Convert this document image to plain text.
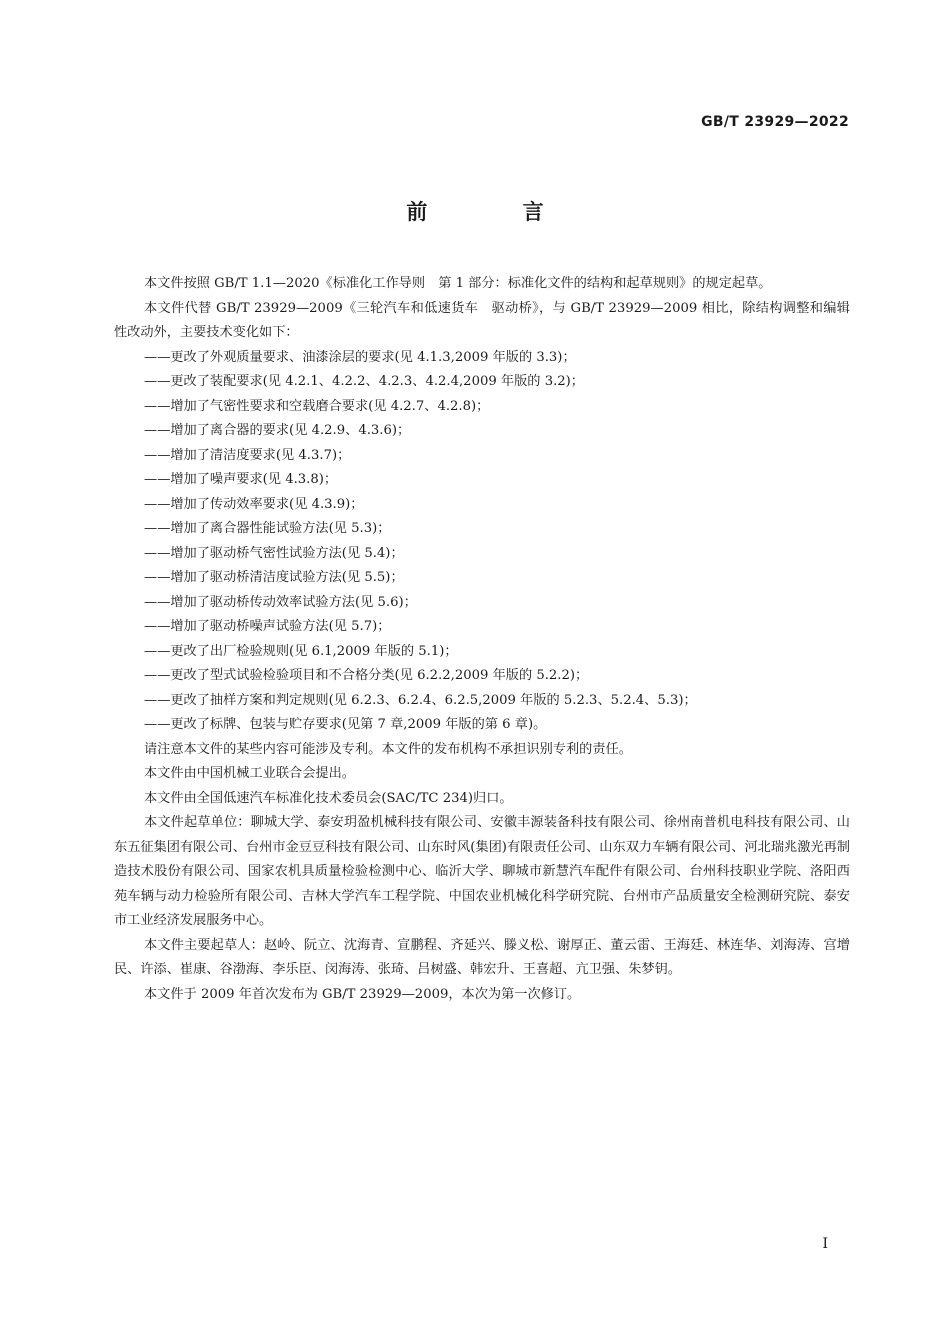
GB/T 23929—2022
前 言

本文件按照 GB/T 1.1—2020《标准化工作导则　第 1 部分：标准化文件的结构和起草规则》的规定起草。

本文件代替 GB/T 23929—2009《三轮汽车和低速货车　驱动桥》，与 GB/T 23929—2009 相比，除结构调整和编辑性改动外，主要技术变化如下：

——更改了外观质量要求、油漆涂层的要求(见 4.1.3,2009 年版的 3.3)；

——更改了装配要求(见 4.2.1、4.2.2、4.2.3、4.2.4,2009 年版的 3.2)；

——增加了气密性要求和空载磨合要求(见 4.2.7、4.2.8)；

——增加了离合器的要求(见 4.2.9、4.3.6)；

——增加了清洁度要求(见 4.3.7)；

——增加了噪声要求(见 4.3.8)；

——增加了传动效率要求(见 4.3.9)；

——增加了离合器性能试验方法(见 5.3)；

——增加了驱动桥气密性试验方法(见 5.4)；

——增加了驱动桥清洁度试验方法(见 5.5)；

——增加了驱动桥传动效率试验方法(见 5.6)；

——增加了驱动桥噪声试验方法(见 5.7)；

——更改了出厂检验规则(见 6.1,2009 年版的 5.1)；

——更改了型式试验检验项目和不合格分类(见 6.2.2,2009 年版的 5.2.2)；

——更改了抽样方案和判定规则(见 6.2.3、6.2.4、6.2.5,2009 年版的 5.2.3、5.2.4、5.3)；

——更改了标牌、包装与贮存要求(见第 7 章,2009 年版的第 6 章)。

请注意本文件的某些内容可能涉及专利。本文件的发布机构不承担识别专利的责任。

本文件由中国机械工业联合会提出。

本文件由全国低速汽车标准化技术委员会(SAC/TC 234)归口。

本文件起草单位：聊城大学、泰安玥盈机械科技有限公司、安徽丰源装备科技有限公司、徐州南普机电科技有限公司、山东五征集团有限公司、台州市金豆豆科技有限公司、山东时风(集团)有限责任公司、山东双力车辆有限公司、河北瑞兆激光再制造技术股份有限公司、国家农机具质量检验检测中心、临沂大学、聊城市新慧汽车配件有限公司、台州科技职业学院、洛阳西苑车辆与动力检验所有限公司、吉林大学汽车工程学院、中国农业机械化科学研究院、台州市产品质量安全检测研究院、泰安市工业经济发展服务中心。

本文件主要起草人：赵岭、阮立、沈海青、宣鹏程、齐延兴、滕义松、谢厚正、董云雷、王海廷、林连华、刘海涛、宫增民、许添、崔康、谷渤海、李乐臣、闵海涛、张琦、吕树盛、韩宏升、王喜超、亢卫强、朱梦钥。

本文件于 2009 年首次发布为 GB/T 23929—2009，本次为第一次修订。

I
